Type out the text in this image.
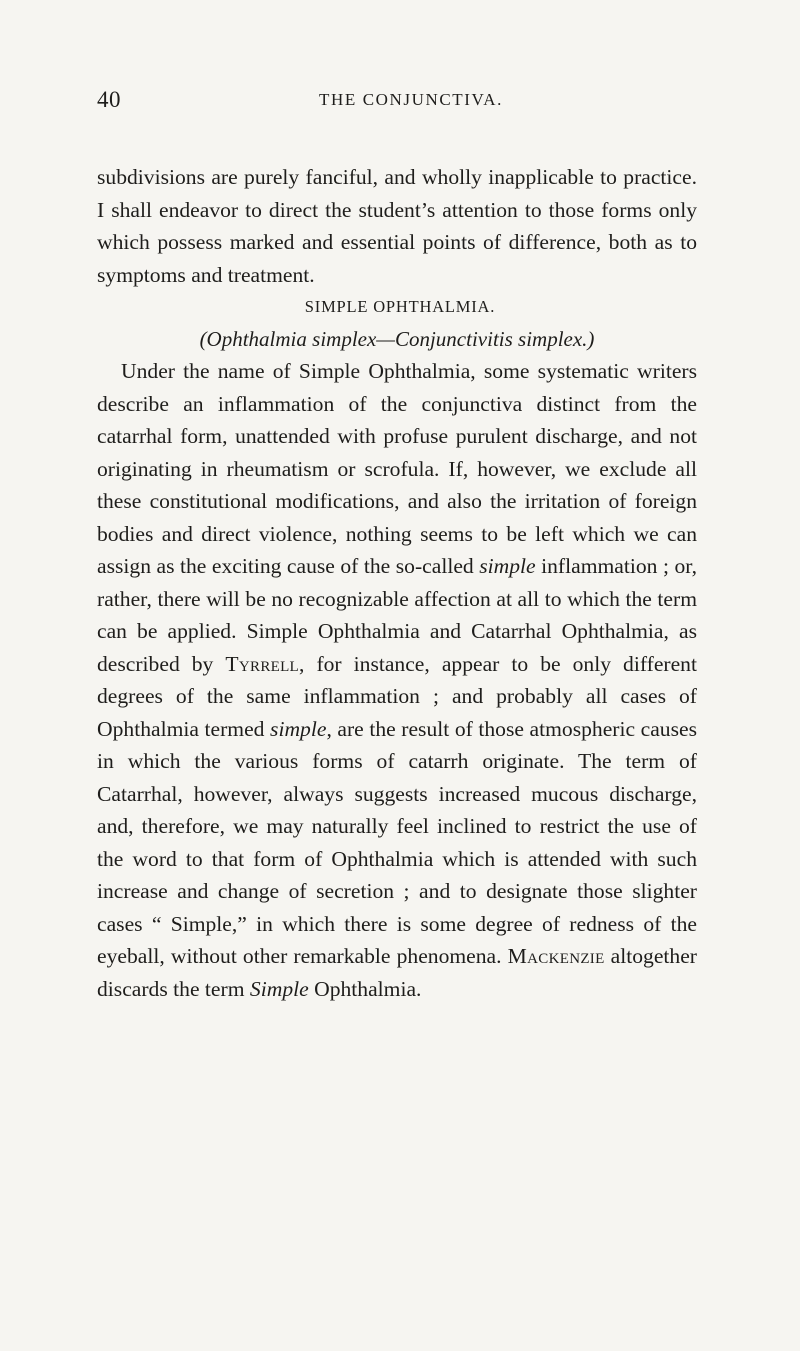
40	THE CONJUNCTIVA.

subdivisions are purely fanciful, and wholly inapplicable to practice. I shall endeavor to direct the student’s attention to those forms only which possess marked and essential points of difference, both as to symptoms and treatment.

SIMPLE OPHTHALMIA.

(Ophthalmia simplex—Conjunctivitis simplex.)

Under the name of Simple Ophthalmia, some systematic writers describe an inflammation of the conjunctiva distinct from the catarrhal form, unattended with profuse purulent discharge, and not originating in rheumatism or scrofula. If, however, we exclude all these constitutional modifications, and also the irritation of foreign bodies and direct violence, nothing seems to be left which we can assign as the exciting cause of the so-called simple inflammation ; or, rather, there will be no recognizable affection at all to which the term can be applied. Simple Ophthalmia and Catarrhal Ophthalmia, as described by Tyrrell, for instance, appear to be only different degrees of the same inflammation ; and probably all cases of Ophthalmia termed simple, are the result of those atmospheric causes in which the various forms of catarrh originate. The term of Catarrhal, however, always suggests increased mucous discharge, and, therefore, we may naturally feel inclined to restrict the use of the word to that form of Ophthalmia which is attended with such increase and change of secretion ; and to designate those slighter cases “ Simple,” in which there is some degree of redness of the eyeball, without other remarkable phenomena. Mackenzie altogether discards the term Simple Ophthalmia.
